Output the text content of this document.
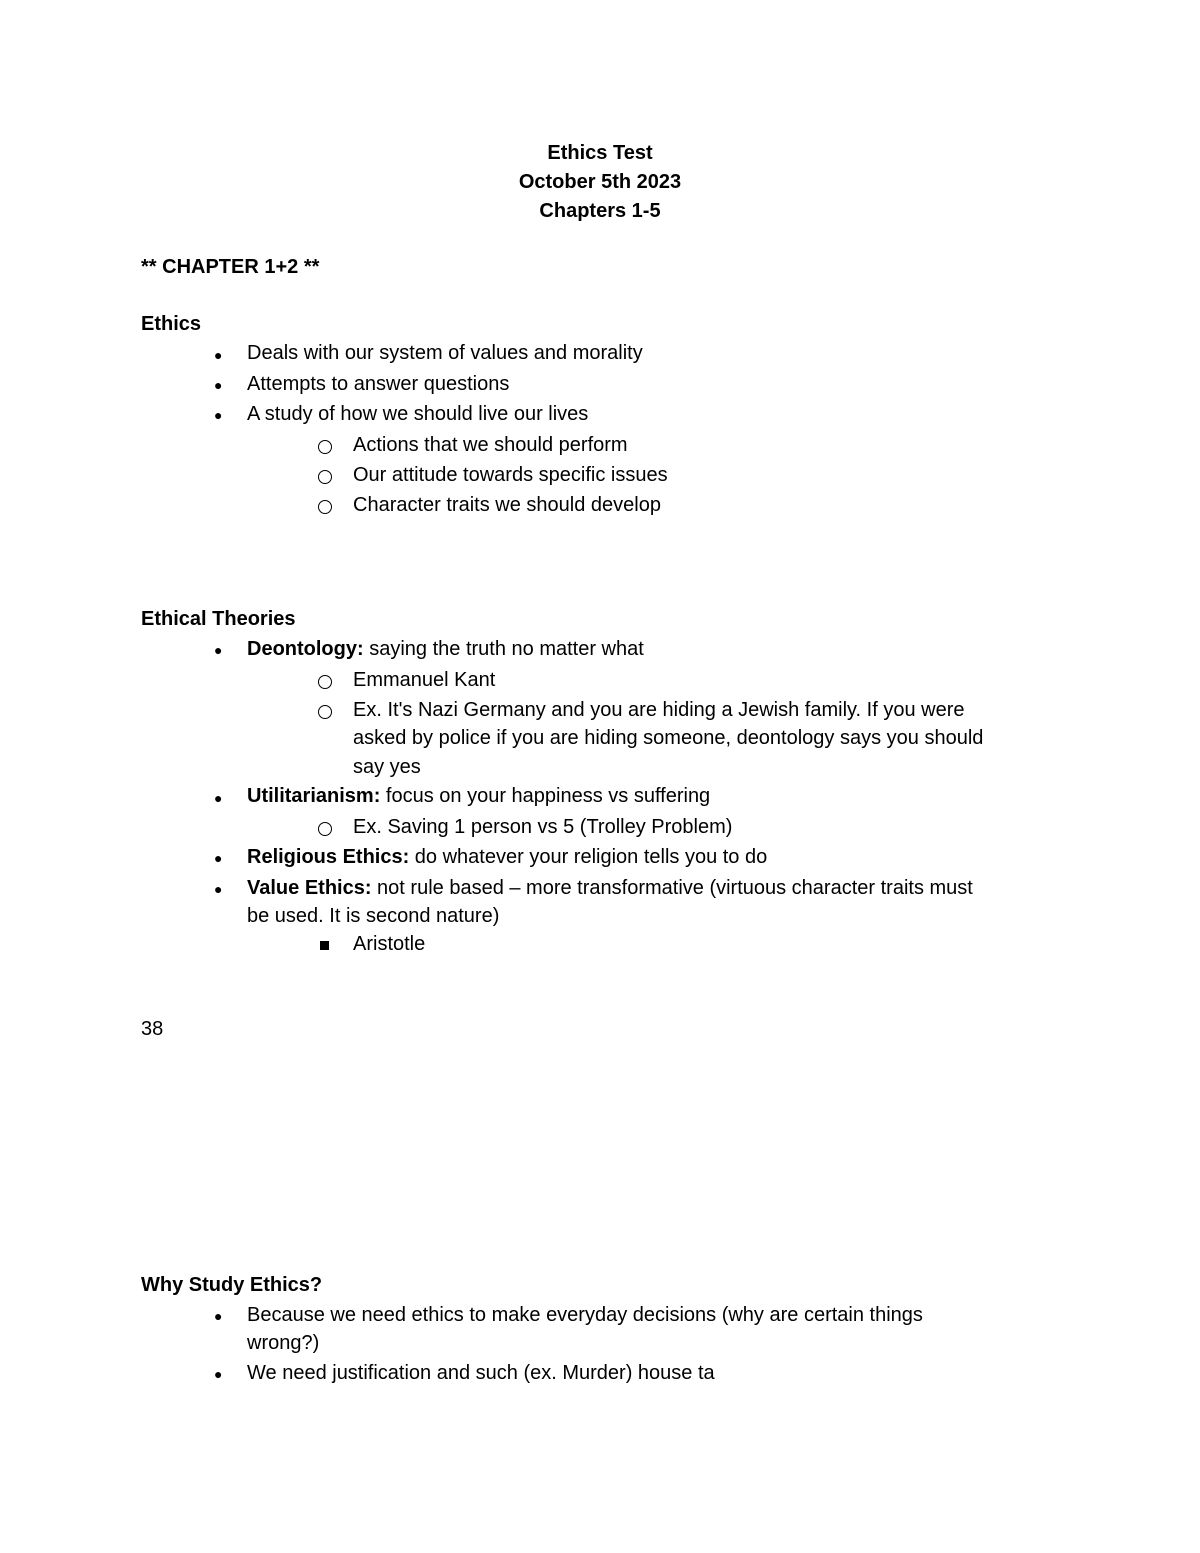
Ethics Test
October 5th 2023
Chapters 1-5
** CHAPTER 1+2 **
Ethics
● Deals with our system of values and morality
● Attempts to answer questions
● A study of how we should live our lives
Actions that we should perform
Our attitude towards specific issues
Character traits we should develop
Ethical Theories
● Deontology: saying the truth no matter what
Emmanuel Kant
Ex. It's Nazi Germany and you are hiding a Jewish family. If you were
asked by police if you are hiding someone, deontology says you should
say yes
● Utilitarianism: focus on your happiness vs suffering
Ex. Saving 1 person vs 5 (Trolley Problem)
● Religious Ethics: do whatever your religion tells you to do
● Value Ethics: not rule based – more transformative (virtuous character traits must
be used. It is second nature)
Aristotle
38
Why Study Ethics?
● Because we need ethics to make everyday decisions (why are certain things
wrong?)
● We need justification and such (ex. Murder) house ta
